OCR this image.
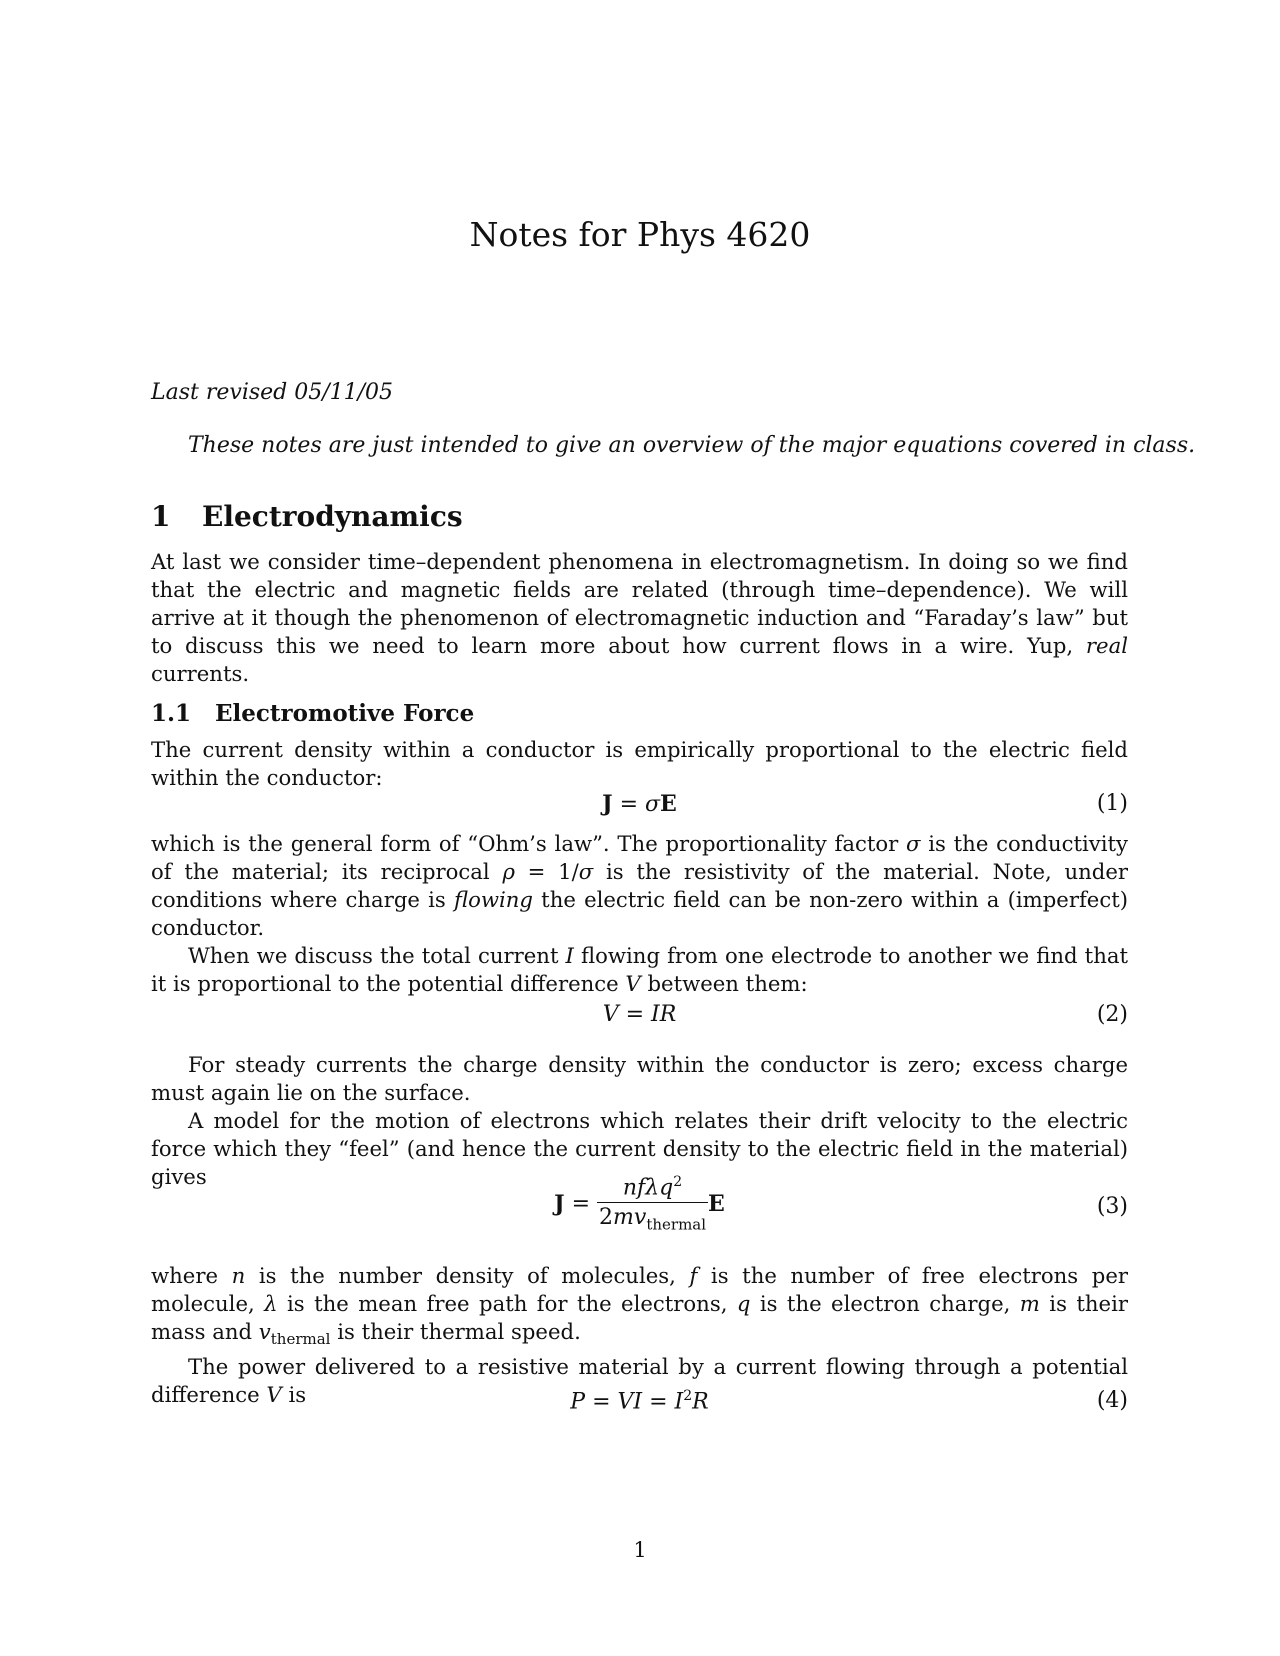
Notes for Phys 4620
Last revised 05/11/05
These notes are just intended to give an overview of the major equations covered in class.
1 Electrodynamics

At last we consider time–dependent phenomena in electromagnetism. In doing so we find that the electric and magnetic fields are related (through time–dependence). We will arrive at it though the phenomenon of electromagnetic induction and “Faraday’s law” but to discuss this we need to learn more about how current flows in a wire. Yup, real currents.

1.1 Electromotive Force

The current density within a conductor is empirically proportional to the electric field within the conductor:

J = σE	(1)

which is the general form of “Ohm’s law”. The proportionality factor σ is the conductivity of the material; its reciprocal ρ = 1/σ is the resistivity of the material. Note, under conditions where charge is flowing the electric field can be non-zero within a (imperfect) conductor.

When we discuss the total current I flowing from one electrode to another we find that it is proportional to the potential difference V between them:

V = IR	(2)

For steady currents the charge density within the conductor is zero; excess charge must again lie on the surface.

A model for the motion of electrons which relates their drift velocity to the electric force which they “feel” (and hence the current density to the electric field in the material) gives

$J = \frac{nf\lambda q^2}{2mv_{thermal}}$ E	(3)

where n is the number density of molecules, f is the number of free electrons per molecule, λ is the mean free path for the electrons, q is the electron charge, m is their mass and $v_{thermal}$ is their thermal speed.

The power delivered to a resistive material by a current flowing through a potential difference V is	P = VI = $I^2R$	(4)
1
